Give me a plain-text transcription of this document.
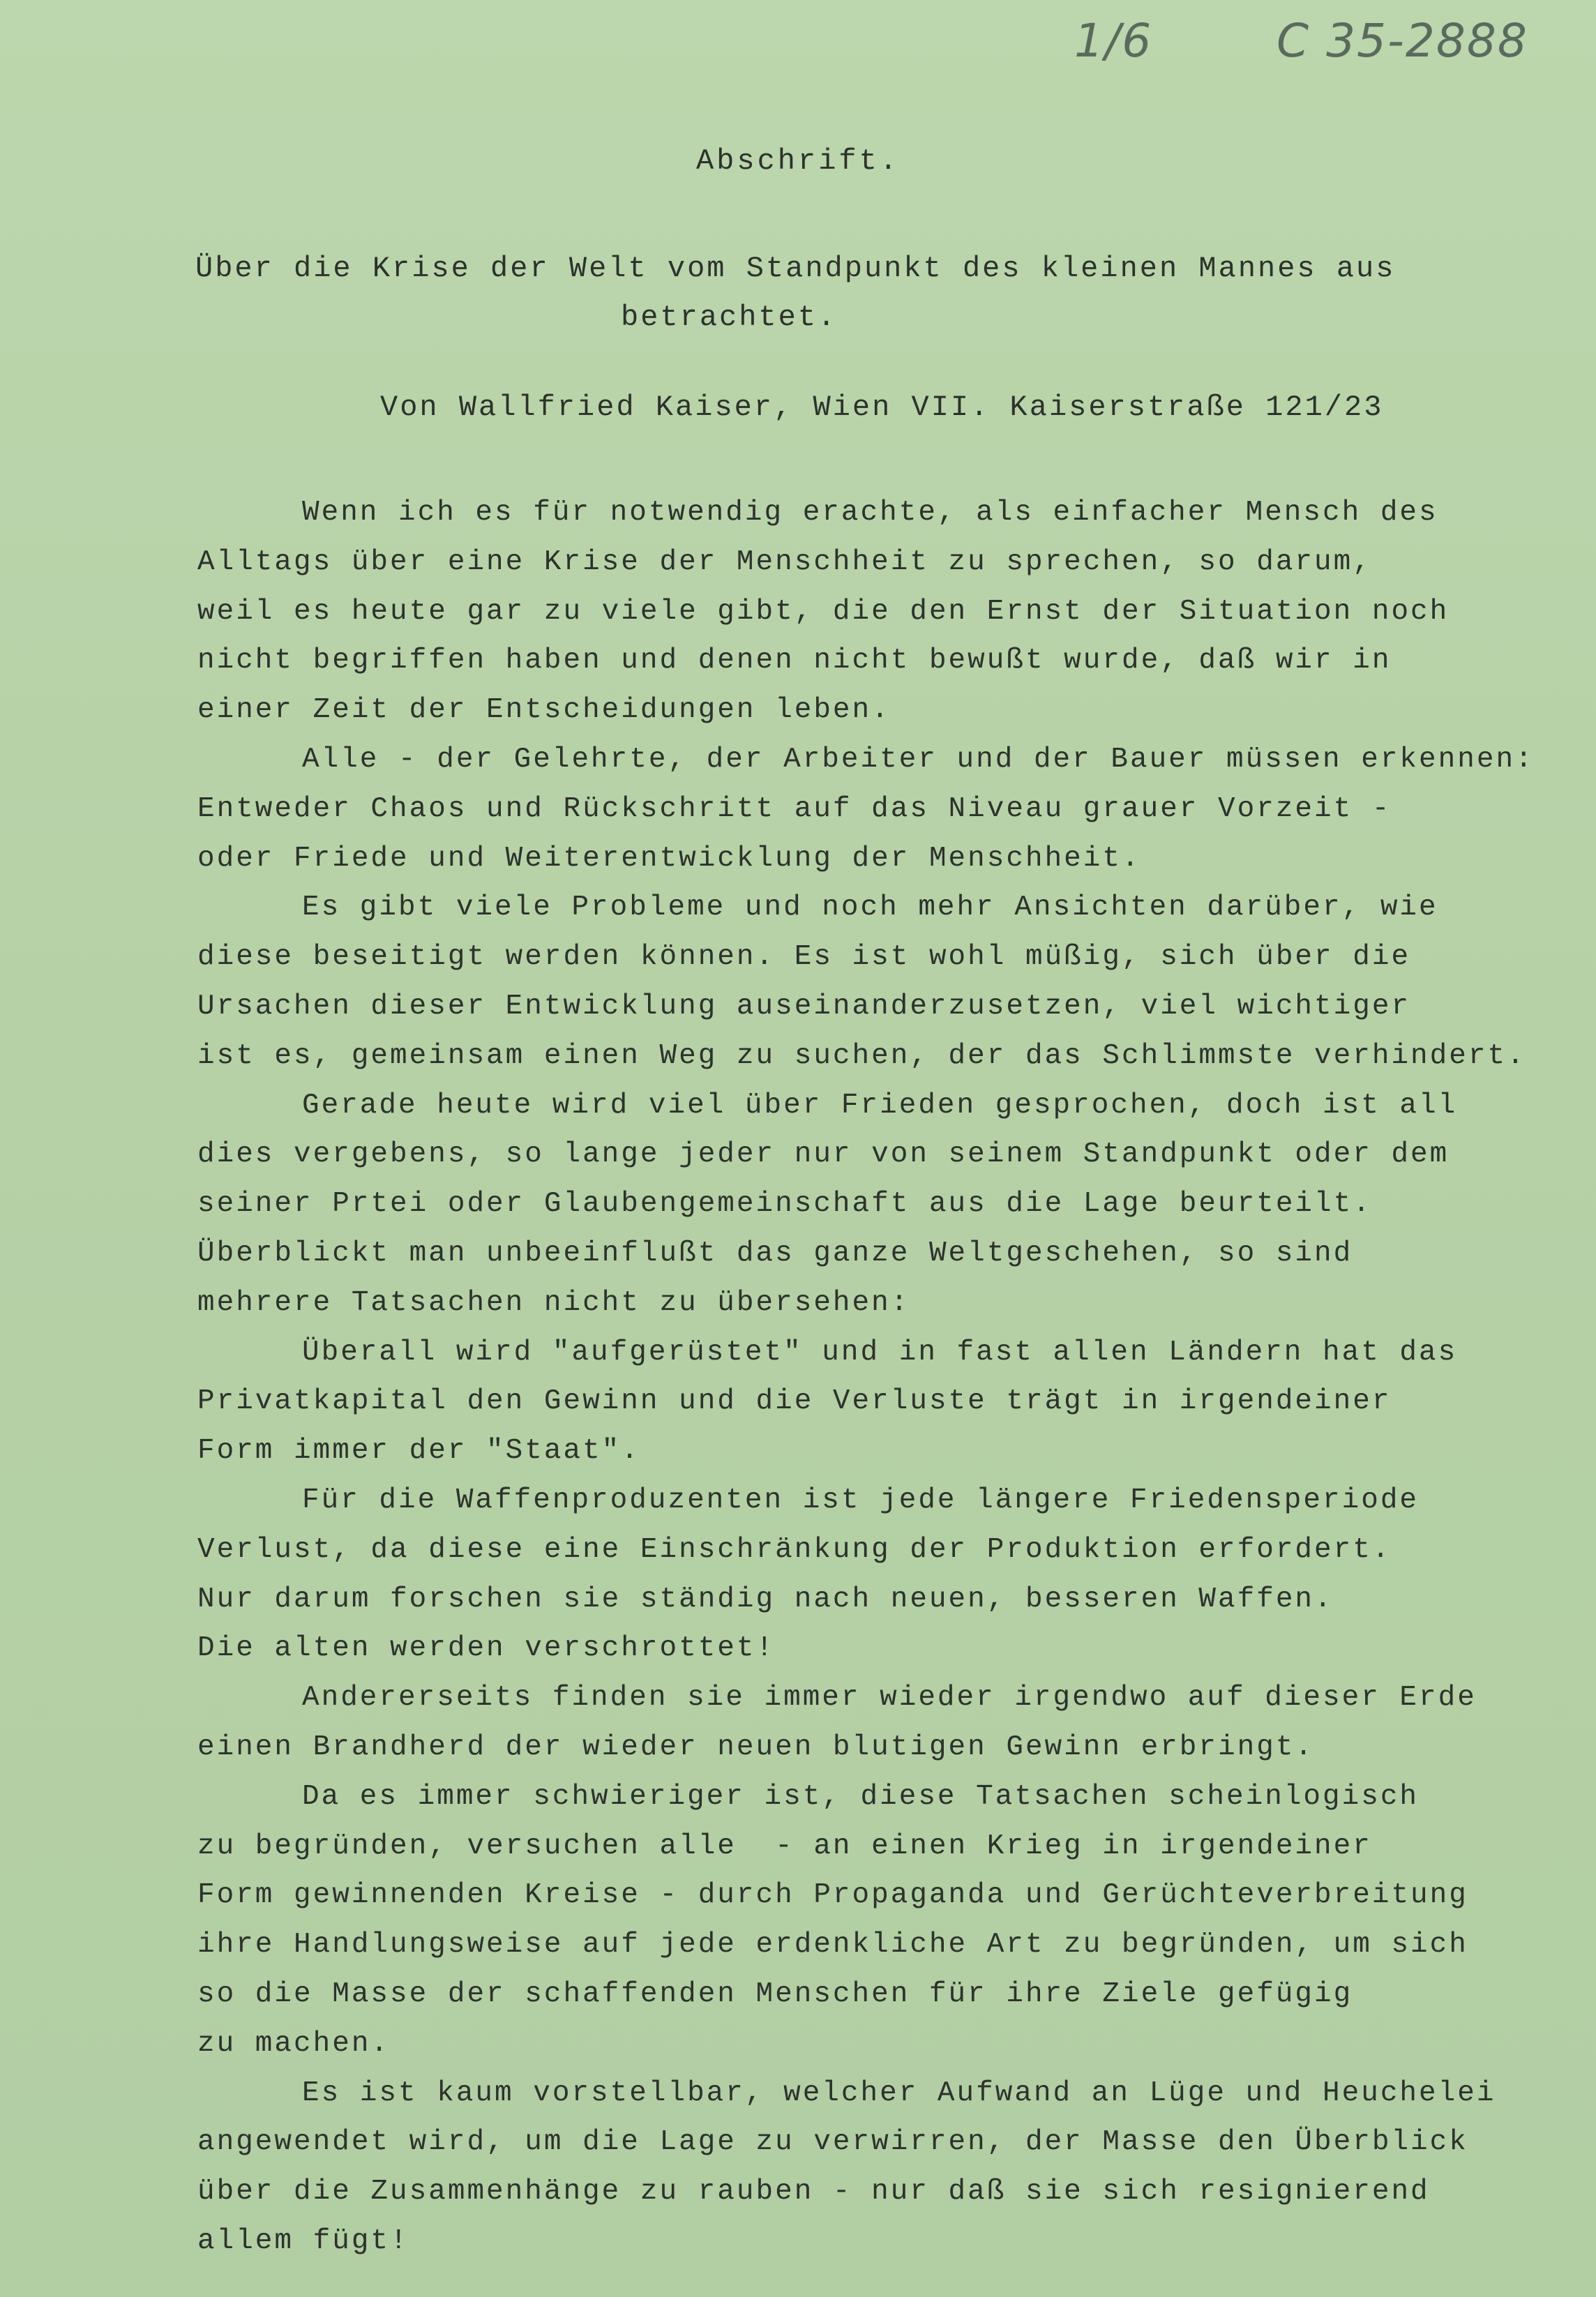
1/6	C 35-2888
Abschrift.
Über die Krise der Welt vom Standpunkt des kleinen Mannes aus
betrachtet.
Von Wallfried Kaiser, Wien VII. Kaiserstraße 121/23
Wenn ich es für notwendig erachte, als einfacher Mensch des
Alltags über eine Krise der Menschheit zu sprechen, so darum,
weil es heute gar zu viele gibt, die den Ernst der Situation noch
nicht begriffen haben und denen nicht bewußt wurde, daß wir in
einer Zeit der Entscheidungen leben.
Alle - der Gelehrte, der Arbeiter und der Bauer müssen erkennen:
Entweder Chaos und Rückschritt auf das Niveau grauer Vorzeit -
oder Friede und Weiterentwicklung der Menschheit.
Es gibt viele Probleme und noch mehr Ansichten darüber, wie
diese beseitigt werden können. Es ist wohl müßig, sich über die
Ursachen dieser Entwicklung auseinanderzusetzen, viel wichtiger
ist es, gemeinsam einen Weg zu suchen, der das Schlimmste verhindert.
Gerade heute wird viel über Frieden gesprochen, doch ist all
dies vergebens, so lange jeder nur von seinem Standpunkt oder dem
seiner Prtei oder Glaubengemeinschaft aus die Lage beurteilt.
Überblickt man unbeeinflußt das ganze Weltgeschehen, so sind
mehrere Tatsachen nicht zu übersehen:
Überall wird "aufgerüstet" und in fast allen Ländern hat das
Privatkapital den Gewinn und die Verluste trägt in irgendeiner
Form immer der "Staat".
Für die Waffenproduzenten ist jede längere Friedensperiode
Verlust, da diese eine Einschränkung der Produktion erfordert.
Nur darum forschen sie ständig nach neuen, besseren Waffen.
Die alten werden verschrottet!
Andererseits finden sie immer wieder irgendwo auf dieser Erde
einen Brandherd der wieder neuen blutigen Gewinn erbringt.
Da es immer schwieriger ist, diese Tatsachen scheinlogisch
zu begründen, versuchen alle  - an einen Krieg in irgendeiner
Form gewinnenden Kreise - durch Propaganda und Gerüchteverbreitung
ihre Handlungsweise auf jede erdenkliche Art zu begründen, um sich
so die Masse der schaffenden Menschen für ihre Ziele gefügig
zu machen.
Es ist kaum vorstellbar, welcher Aufwand an Lüge und Heuchelei
angewendet wird, um die Lage zu verwirren, der Masse den Überblick
über die Zusammenhänge zu rauben - nur daß sie sich resignierend
allem fügt!
